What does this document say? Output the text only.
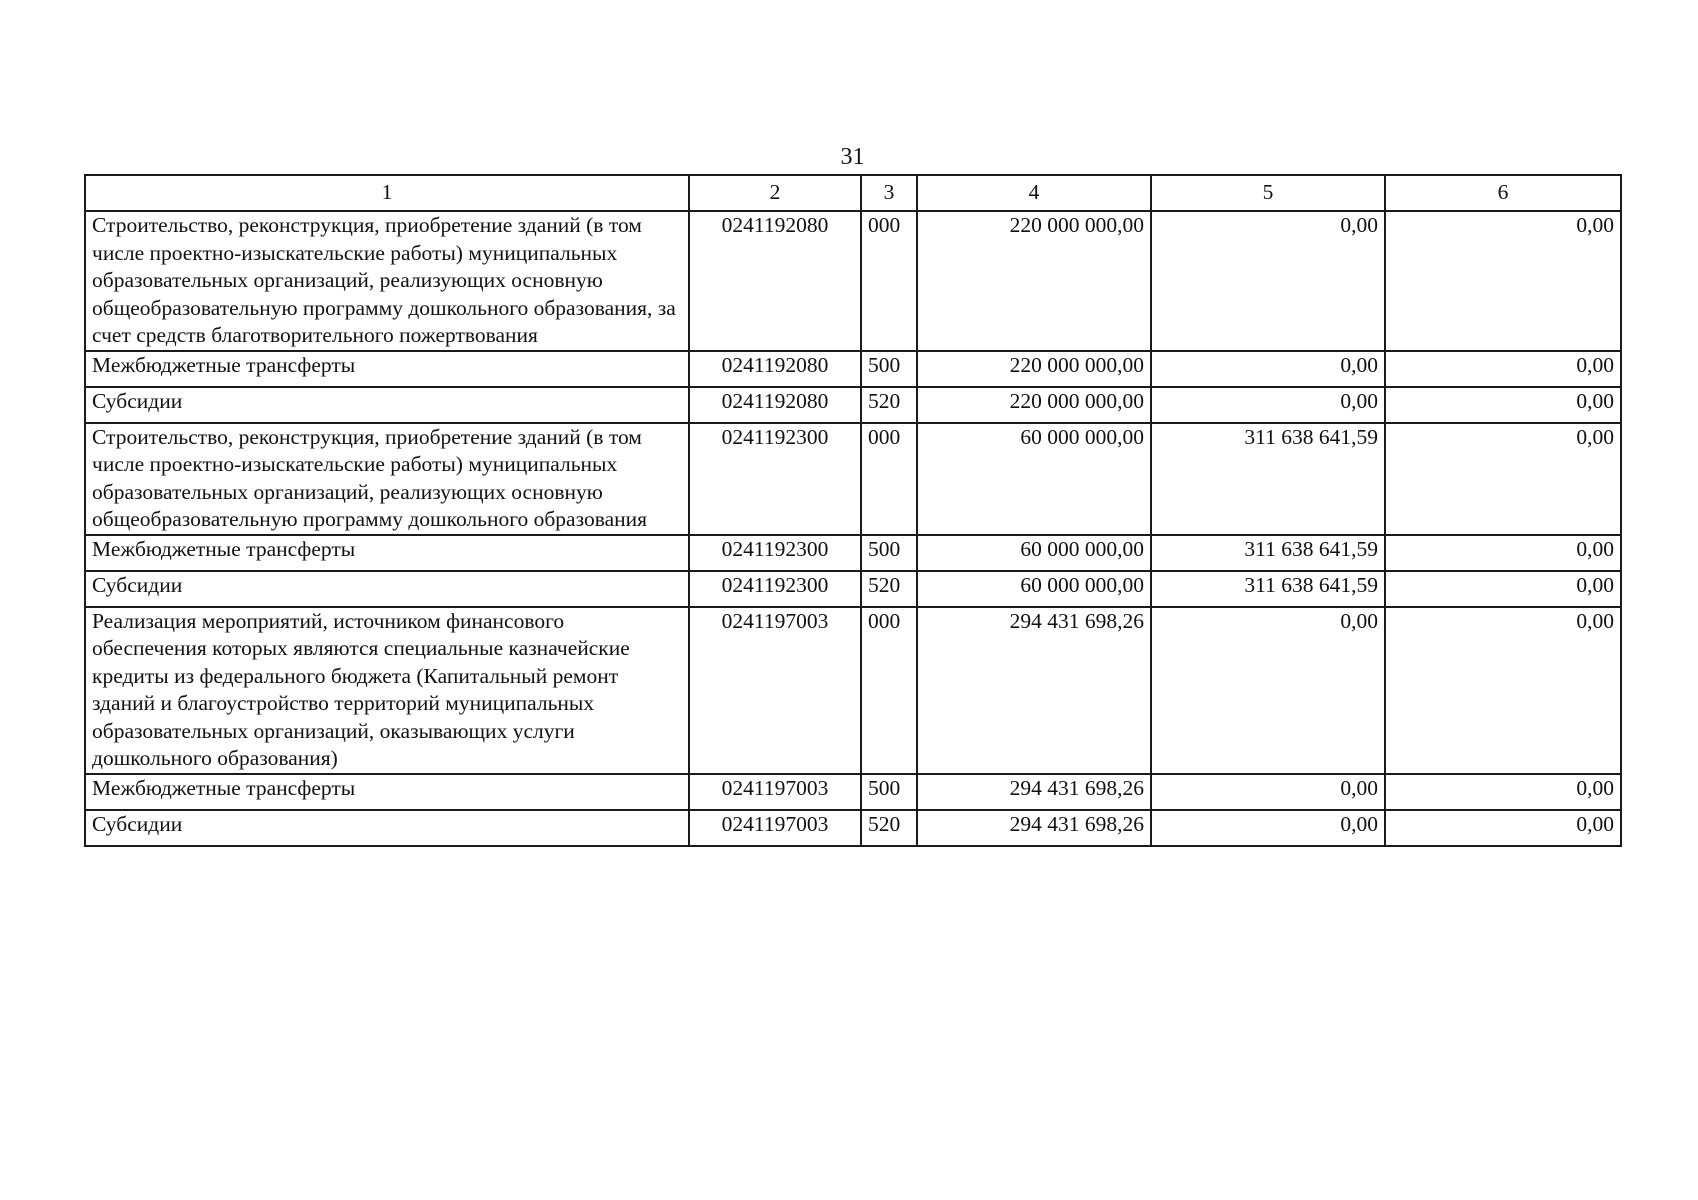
31
1	2	3	4	5	6
Строительство, реконструкция, приобретение зданий (в том числе проектно-изыскательские работы) муниципальных образовательных организаций, реализующих основную общеобразовательную программу дошкольного образования, за счет средств благотворительного пожертвования	0241192080	000	220 000 000,00	0,00	0,00
Межбюджетные трансферты	0241192080	500	220 000 000,00	0,00	0,00
Субсидии	0241192080	520	220 000 000,00	0,00	0,00
Строительство, реконструкция, приобретение зданий (в том числе проектно-изыскательские работы) муниципальных образовательных организаций, реализующих основную общеобразовательную программу дошкольного образования	0241192300	000	60 000 000,00	311 638 641,59	0,00
Межбюджетные трансферты	0241192300	500	60 000 000,00	311 638 641,59	0,00
Субсидии	0241192300	520	60 000 000,00	311 638 641,59	0,00
Реализация мероприятий, источником финансового обеспечения которых являются специальные казначейские кредиты из федерального бюджета (Капитальный ремонт зданий и благоустройство территорий муниципальных образовательных организаций, оказывающих услуги дошкольного образования)	0241197003	000	294 431 698,26	0,00	0,00
Межбюджетные трансферты	0241197003	500	294 431 698,26	0,00	0,00
Субсидии	0241197003	520	294 431 698,26	0,00	0,00
